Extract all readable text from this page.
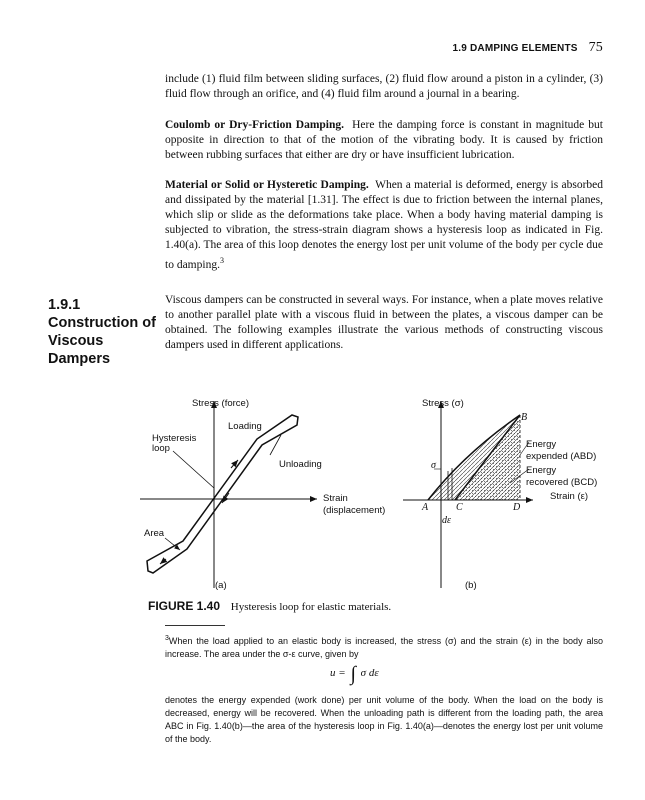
1.9 DAMPING ELEMENTS 75

include (1) fluid film between sliding surfaces, (2) fluid flow around a piston in a cylinder, (3) fluid flow through an orifice, and (4) fluid film around a journal in a bearing.

Coulomb or Dry-Friction Damping. Here the damping force is constant in magnitude but opposite in direction to that of the motion of the vibrating body. It is caused by friction between rubbing surfaces that either are dry or have insufficient lubrication.

Material or Solid or Hysteretic Damping. When a material is deformed, energy is absorbed and dissipated by the material [1.31]. The effect is due to friction between the internal planes, which slip or slide as the deformations take place. When a body having material damping is subjected to vibration, the stress-strain diagram shows a hysteresis loop as indicated in Fig. 1.40(a). The area of this loop denotes the energy lost per unit volume of the body per cycle due to damping.$^3$

1.9.1
Construction of
Viscous Dampers

Viscous dampers can be constructed in several ways. For instance, when a plate moves relative to another parallel plate with a viscous fluid in between the plates, a viscous damper can be obtained. The following examples illustrate the various methods of constructing viscous dampers used in different applications.

Stress (force)
Loading
Unloading
Hysteresis
loop
Strain
(displacement)
Area
(a)
Stress (σ)
σ
B
A	C	D
dε
Energy
expended (ABD)
Energy
recovered (BCD)
Strain (ε)
(b)
FIGURE 1.40 Hysteresis loop for elastic materials.

$^3$When the load applied to an elastic body is increased, the stress (σ) and the strain (ε) in the body also increase. The area under the σ-ε curve, given by

u = ∫ σ dε

denotes the energy expended (work done) per unit volume of the body. When the load on the body is decreased, energy will be recovered. When the unloading path is different from the loading path, the area ABC in Fig. 1.40(b)—the area of the hysteresis loop in Fig. 1.40(a)—denotes the energy lost per unit volume of the body.
